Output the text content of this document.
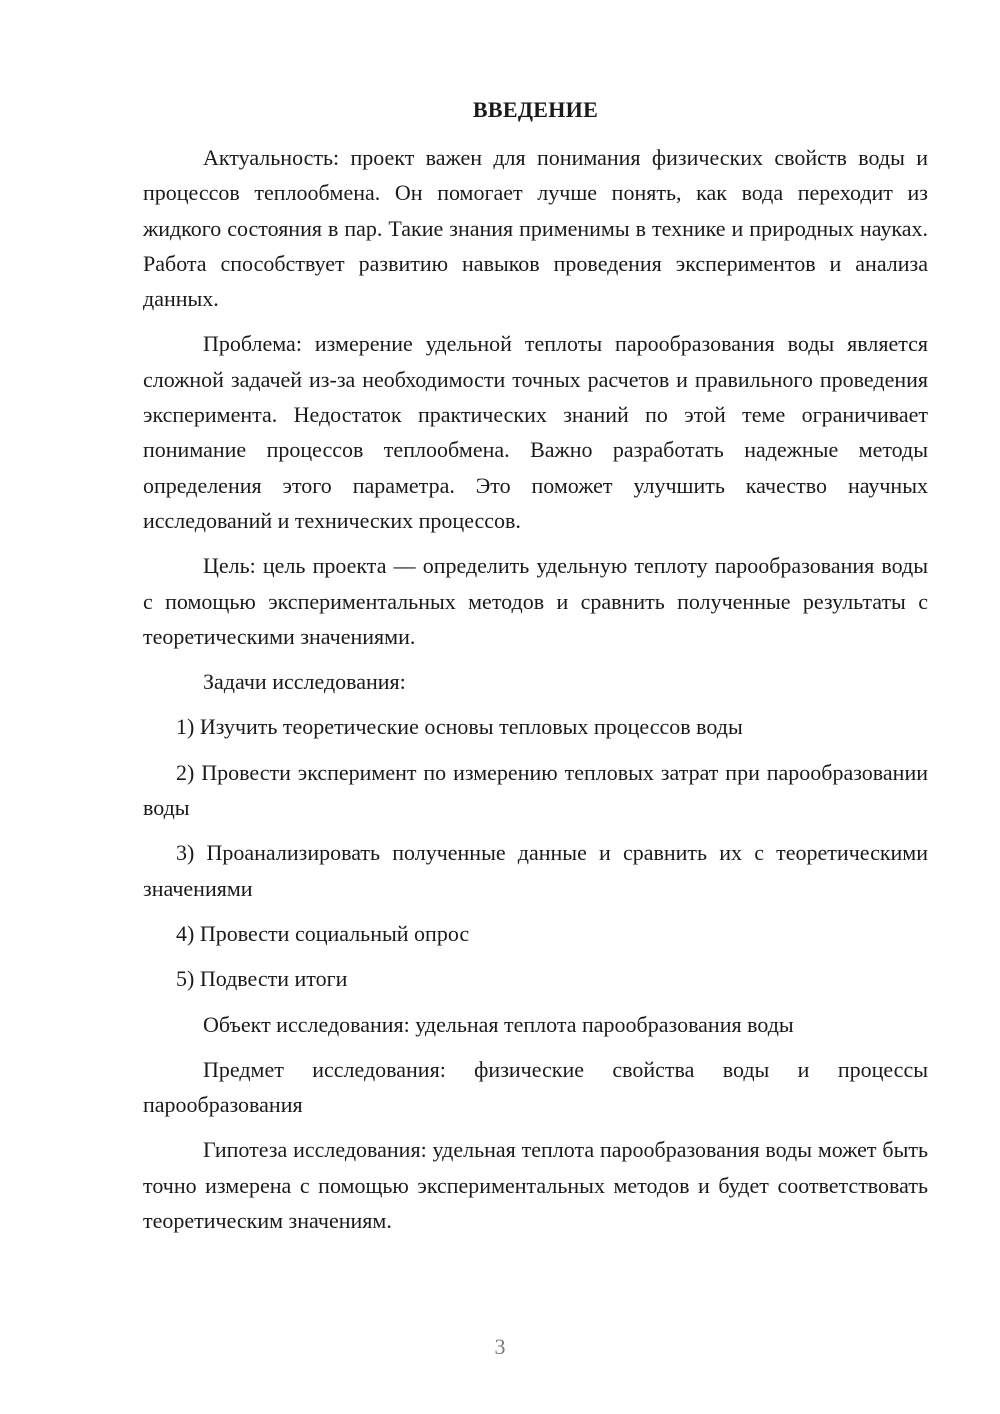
ВВЕДЕНИЕ

Актуальность: проект важен для понимания физических свойств воды и процессов теплообмена. Он помогает лучше понять, как вода переходит из жидкого состояния в пар. Такие знания применимы в технике и природных науках. Работа способствует развитию навыков проведения экспериментов и анализа данных.

Проблема: измерение удельной теплоты парообразования воды является сложной задачей из-за необходимости точных расчетов и правильного проведения эксперимента. Недостаток практических знаний по этой теме ограничивает понимание процессов теплообмена. Важно разработать надежные методы определения этого параметра. Это поможет улучшить качество научных исследований и технических процессов.

Цель: цель проекта — определить удельную теплоту парообразования воды с помощью экспериментальных методов и сравнить полученные результаты с теоретическими значениями.

Задачи исследования:

1) Изучить теоретические основы тепловых процессов воды

2) Провести эксперимент по измерению тепловых затрат при парообразовании воды

3) Проанализировать полученные данные и сравнить их с теоретическими значениями

4) Провести социальный опрос

5) Подвести итоги

Объект исследования: удельная теплота парообразования воды

Предмет исследования: физические свойства воды и процессы парообразования

Гипотеза исследования: удельная теплота парообразования воды может быть точно измерена с помощью экспериментальных методов и будет соответствовать теоретическим значениям.

3
